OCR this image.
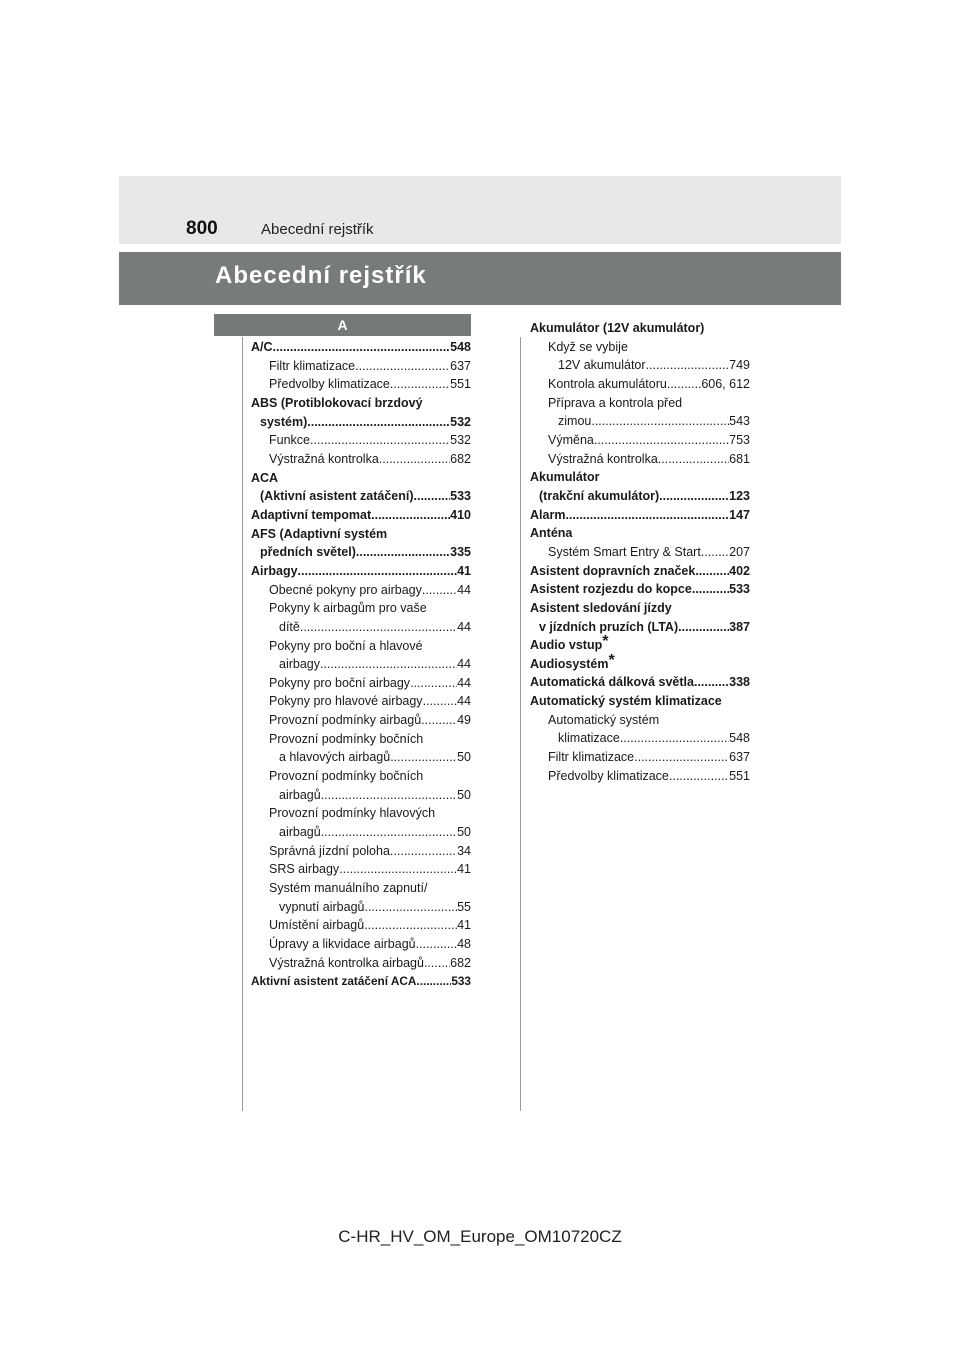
800	Abecední rejstřík
Abecední rejstřík
A
A/C .....	548
Filtr klimatizace .....	637
Předvolby klimatizace .....	551
ABS (Protiblokovací brzdový
systém) .....	532
Funkce .....	532
Výstražná kontrolka .....	682
ACA
(Aktivní asistent zatáčení) .....	533
Adaptivní tempomat .....	410
AFS (Adaptivní systém
předních světel) .....	335
Airbagy .....	41
Obecné pokyny pro airbagy .....	44
Pokyny k airbagům pro vaše
dítě .....	44
Pokyny pro boční a hlavové
airbagy .....	44
Pokyny pro boční airbagy .....	44
Pokyny pro hlavové airbagy .....	44
Provozní podmínky airbagů .....	49
Provozní podmínky bočních
a hlavových airbagů .....	50
Provozní podmínky bočních
airbagů .....	50
Provozní podmínky hlavových
airbagů .....	50
Správná jízdní poloha .....	34
SRS airbagy .....	41
Systém manuálního zapnutí/
vypnutí airbagů .....	55
Umístění airbagů .....	41
Úpravy a likvidace airbagů .....	48
Výstražná kontrolka airbagů ..... 682
Aktivní asistent zatáčení ACA .....	533
Akumulátor (12V akumulátor)
Když se vybije
12V akumulátor .....	749
Kontrola akumulátoru .....	606, 612
Příprava a kontrola před
zimou .....	543
Výměna .....	753
Výstražná kontrolka .....	681
Akumulátor
(trakční akumulátor) .....	123
Alarm .....	147
Anténa
Systém Smart Entry & Start ..... 207
Asistent dopravních značek .....	402
Asistent rozjezdu do kopce .....	533
Asistent sledování jízdy
v jízdních pruzích (LTA) .....	387
Audio vstup*
Audiosystém*
Automatická dálková světla .....	338
Automatický systém klimatizace
Automatický systém
klimatizace .....	548
Filtr klimatizace .....	637
Předvolby klimatizace .....	551
C-HR_HV_OM_Europe_OM10720CZ
